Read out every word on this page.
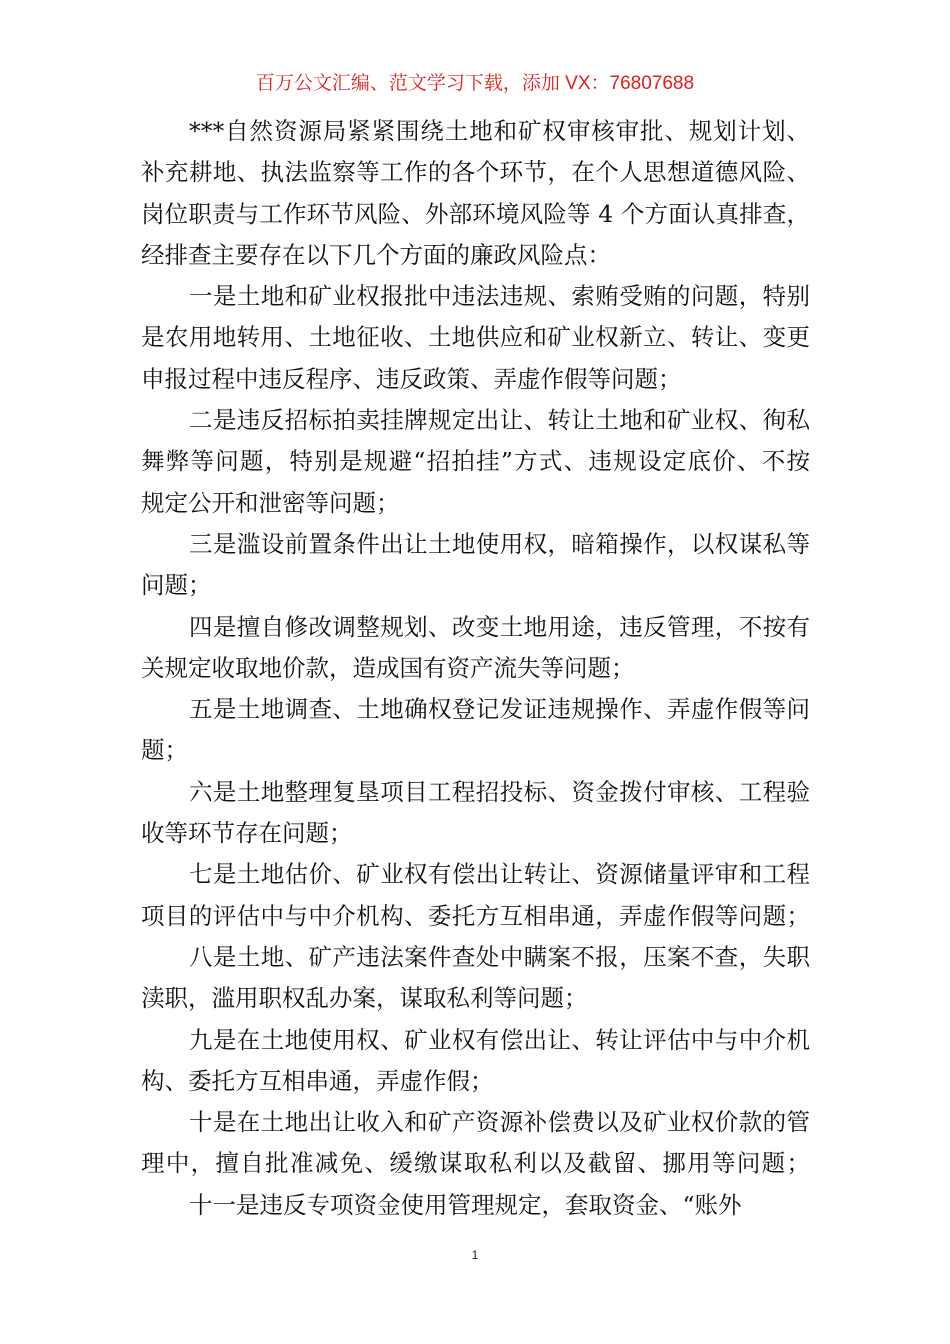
百万公文汇编、范文学习下载，添加 VX：76807688
***自然资源局紧紧围绕土地和矿权审核审批、规划计划、
补充耕地、执法监察等工作的各个环节，在个人思想道德风险、
岗位职责与工作环节风险、外部环境风险等 4 个方面认真排查，
经排查主要存在以下几个方面的廉政风险点：
一是土地和矿业权报批中违法违规、索贿受贿的问题，特别
是农用地转用、土地征收、土地供应和矿业权新立、转让、变更
申报过程中违反程序、违反政策、弄虚作假等问题；
二是违反招标拍卖挂牌规定出让、转让土地和矿业权、徇私
舞弊等问题，特别是规避“招拍挂”方式、违规设定底价、不按
规定公开和泄密等问题；
三是滥设前置条件出让土地使用权，暗箱操作，以权谋私等
问题；
四是擅自修改调整规划、改变土地用途，违反管理，不按有
关规定收取地价款，造成国有资产流失等问题；
五是土地调查、土地确权登记发证违规操作、弄虚作假等问
题；
六是土地整理复垦项目工程招投标、资金拨付审核、工程验
收等环节存在问题；
七是土地估价、矿业权有偿出让转让、资源储量评审和工程
项目的评估中与中介机构、委托方互相串通，弄虚作假等问题；
八是土地、矿产违法案件查处中瞒案不报，压案不查，失职
渎职，滥用职权乱办案，谋取私利等问题；
九是在土地使用权、矿业权有偿出让、转让评估中与中介机
构、委托方互相串通，弄虚作假；
十是在土地出让收入和矿产资源补偿费以及矿业权价款的管
理中，擅自批准减免、缓缴谋取私利以及截留、挪用等问题；
十一是违反专项资金使用管理规定，套取资金、“账外
1
